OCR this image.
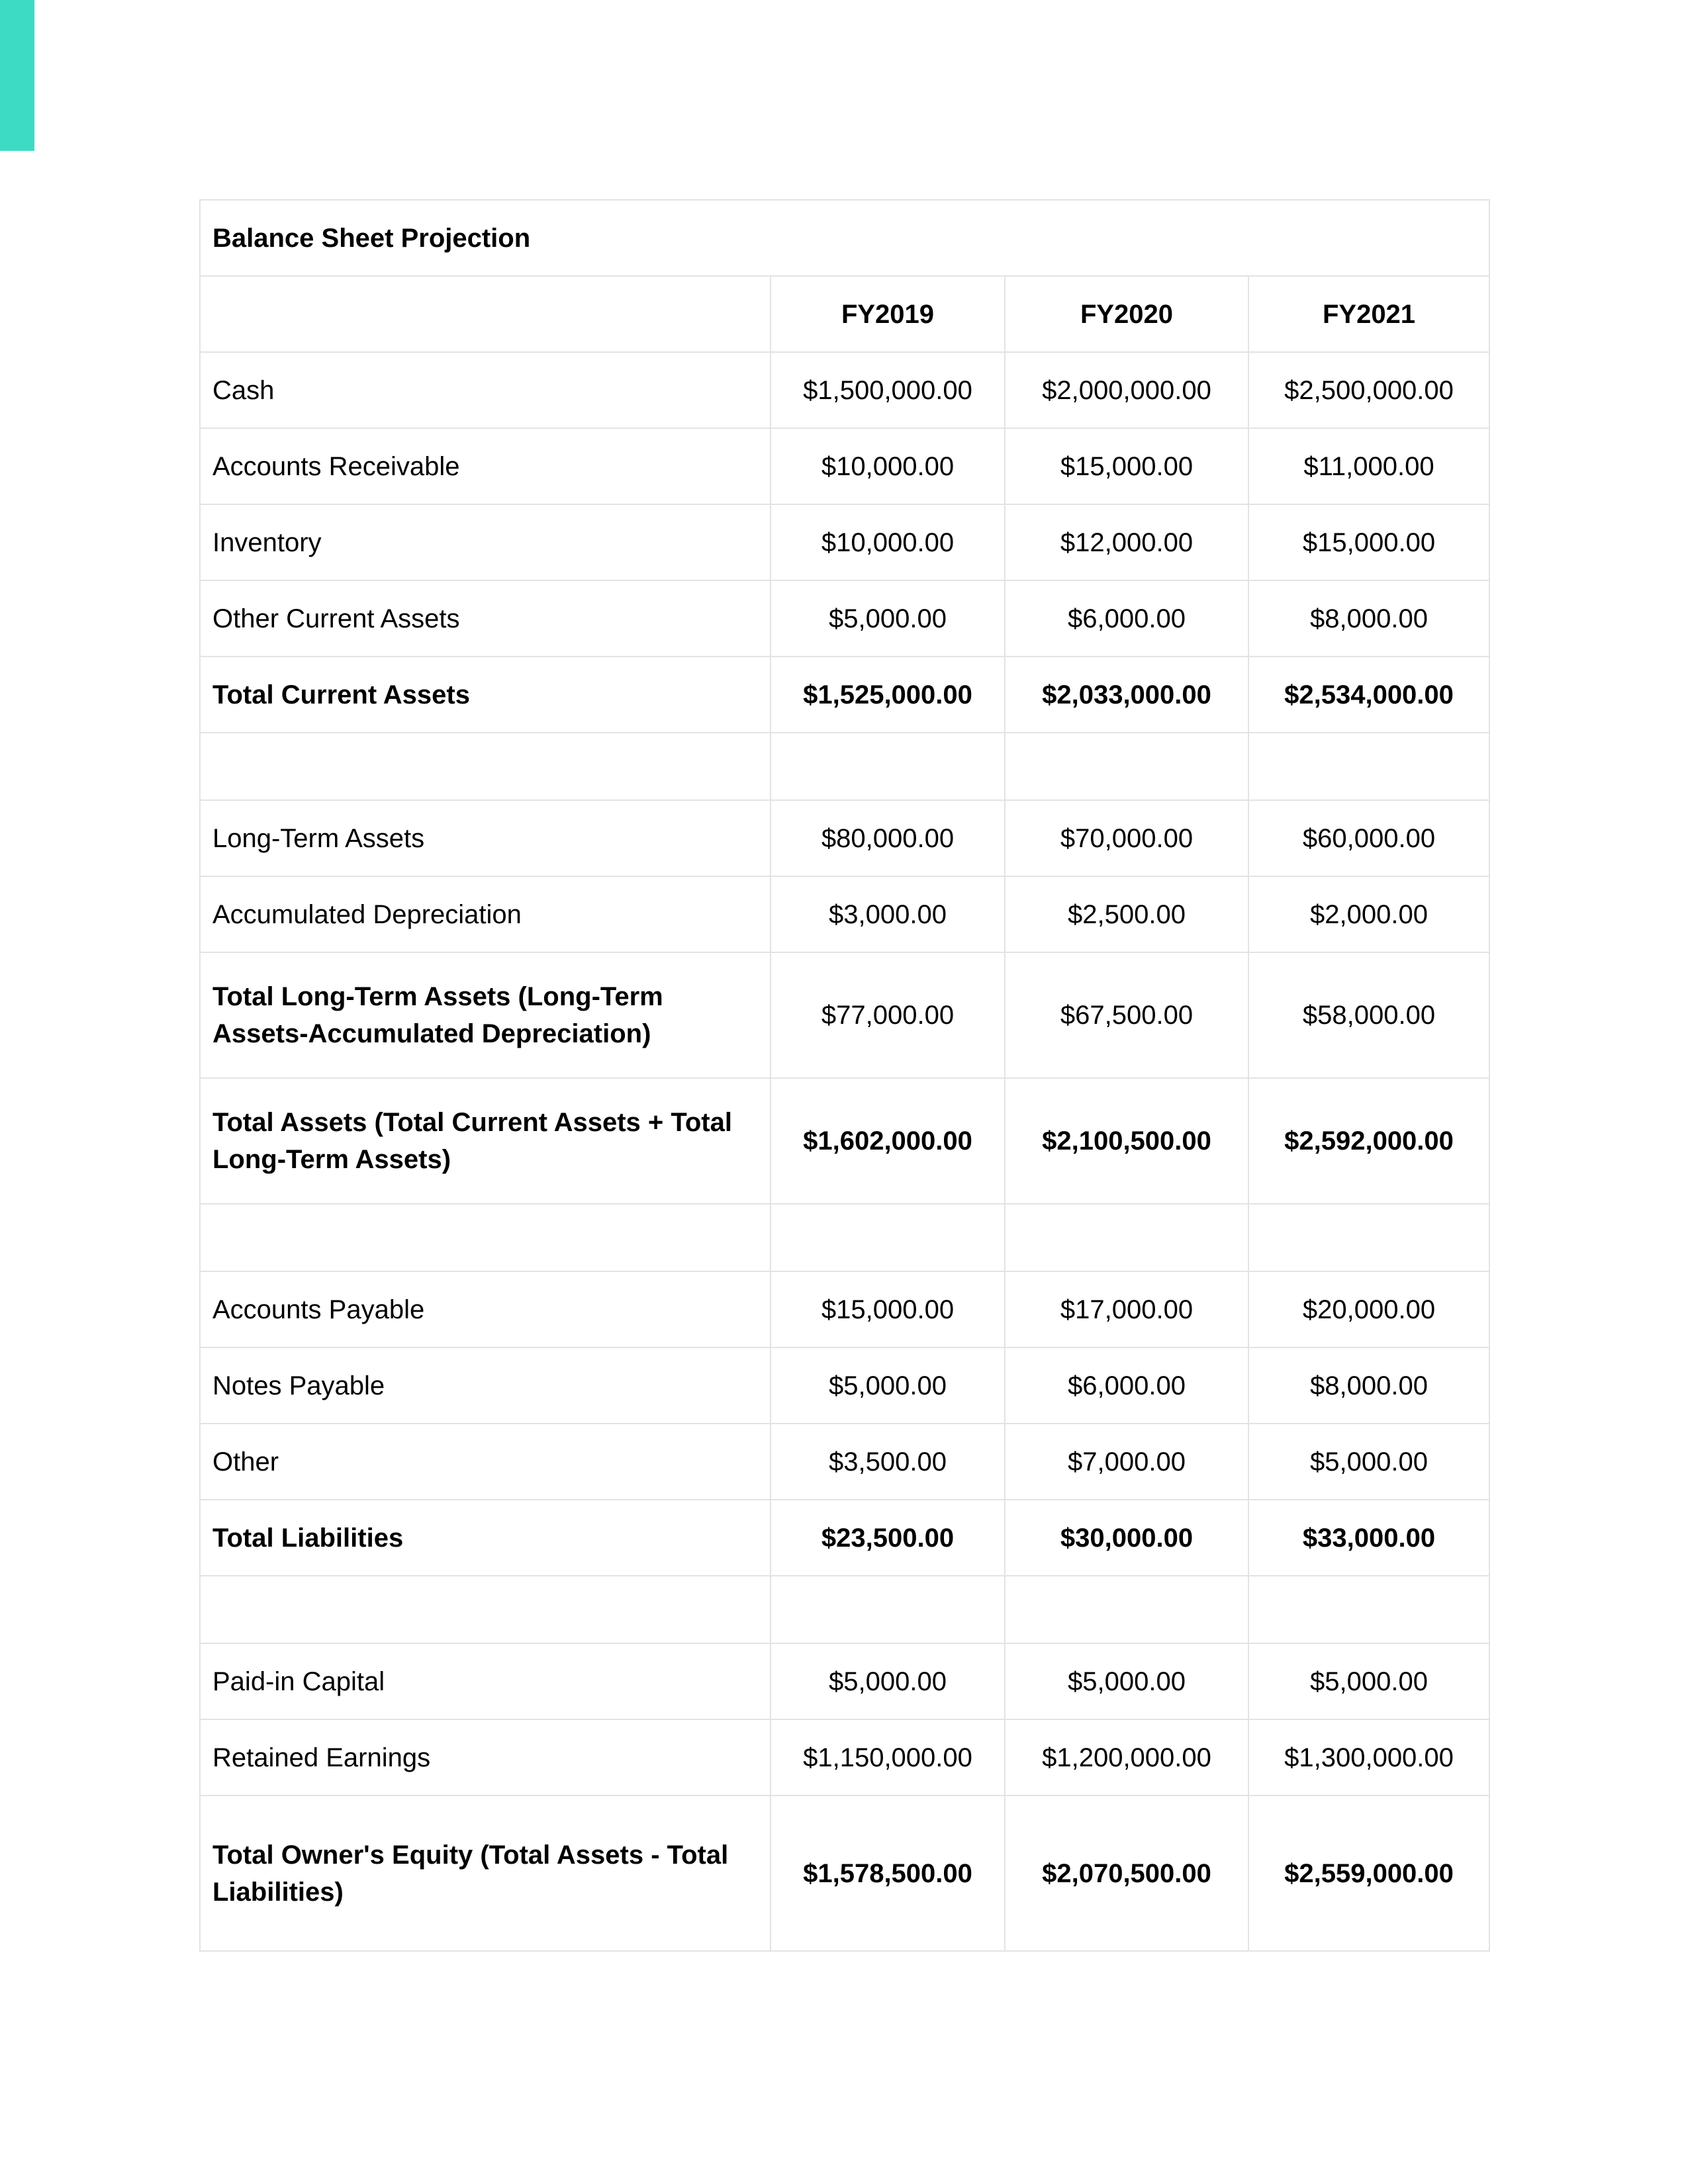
Balance Sheet Projection			
	FY2019	FY2020	FY2021
Cash	$1,500,000.00	$2,000,000.00	$2,500,000.00
Accounts Receivable	$10,000.00	$15,000.00	$11,000.00
Inventory	$10,000.00	$12,000.00	$15,000.00
Other Current Assets	$5,000.00	$6,000.00	$8,000.00
Total Current Assets	$1,525,000.00	$2,033,000.00	$2,534,000.00

Long-Term Assets	$80,000.00	$70,000.00	$60,000.00
Accumulated Depreciation	$3,000.00	$2,500.00	$2,000.00
Total Long-Term Assets (Long-Term Assets-Accumulated Depreciation)	$77,000.00	$67,500.00	$58,000.00
Total Assets (Total Current Assets + Total Long-Term Assets)	$1,602,000.00	$2,100,500.00	$2,592,000.00

Accounts Payable	$15,000.00	$17,000.00	$20,000.00
Notes Payable	$5,000.00	$6,000.00	$8,000.00
Other	$3,500.00	$7,000.00	$5,000.00
Total Liabilities	$23,500.00	$30,000.00	$33,000.00

Paid-in Capital	$5,000.00	$5,000.00	$5,000.00
Retained Earnings	$1,150,000.00	$1,200,000.00	$1,300,000.00
Total Owner's Equity (Total Assets - Total Liabilities)	$1,578,500.00	$2,070,500.00	$2,559,000.00
